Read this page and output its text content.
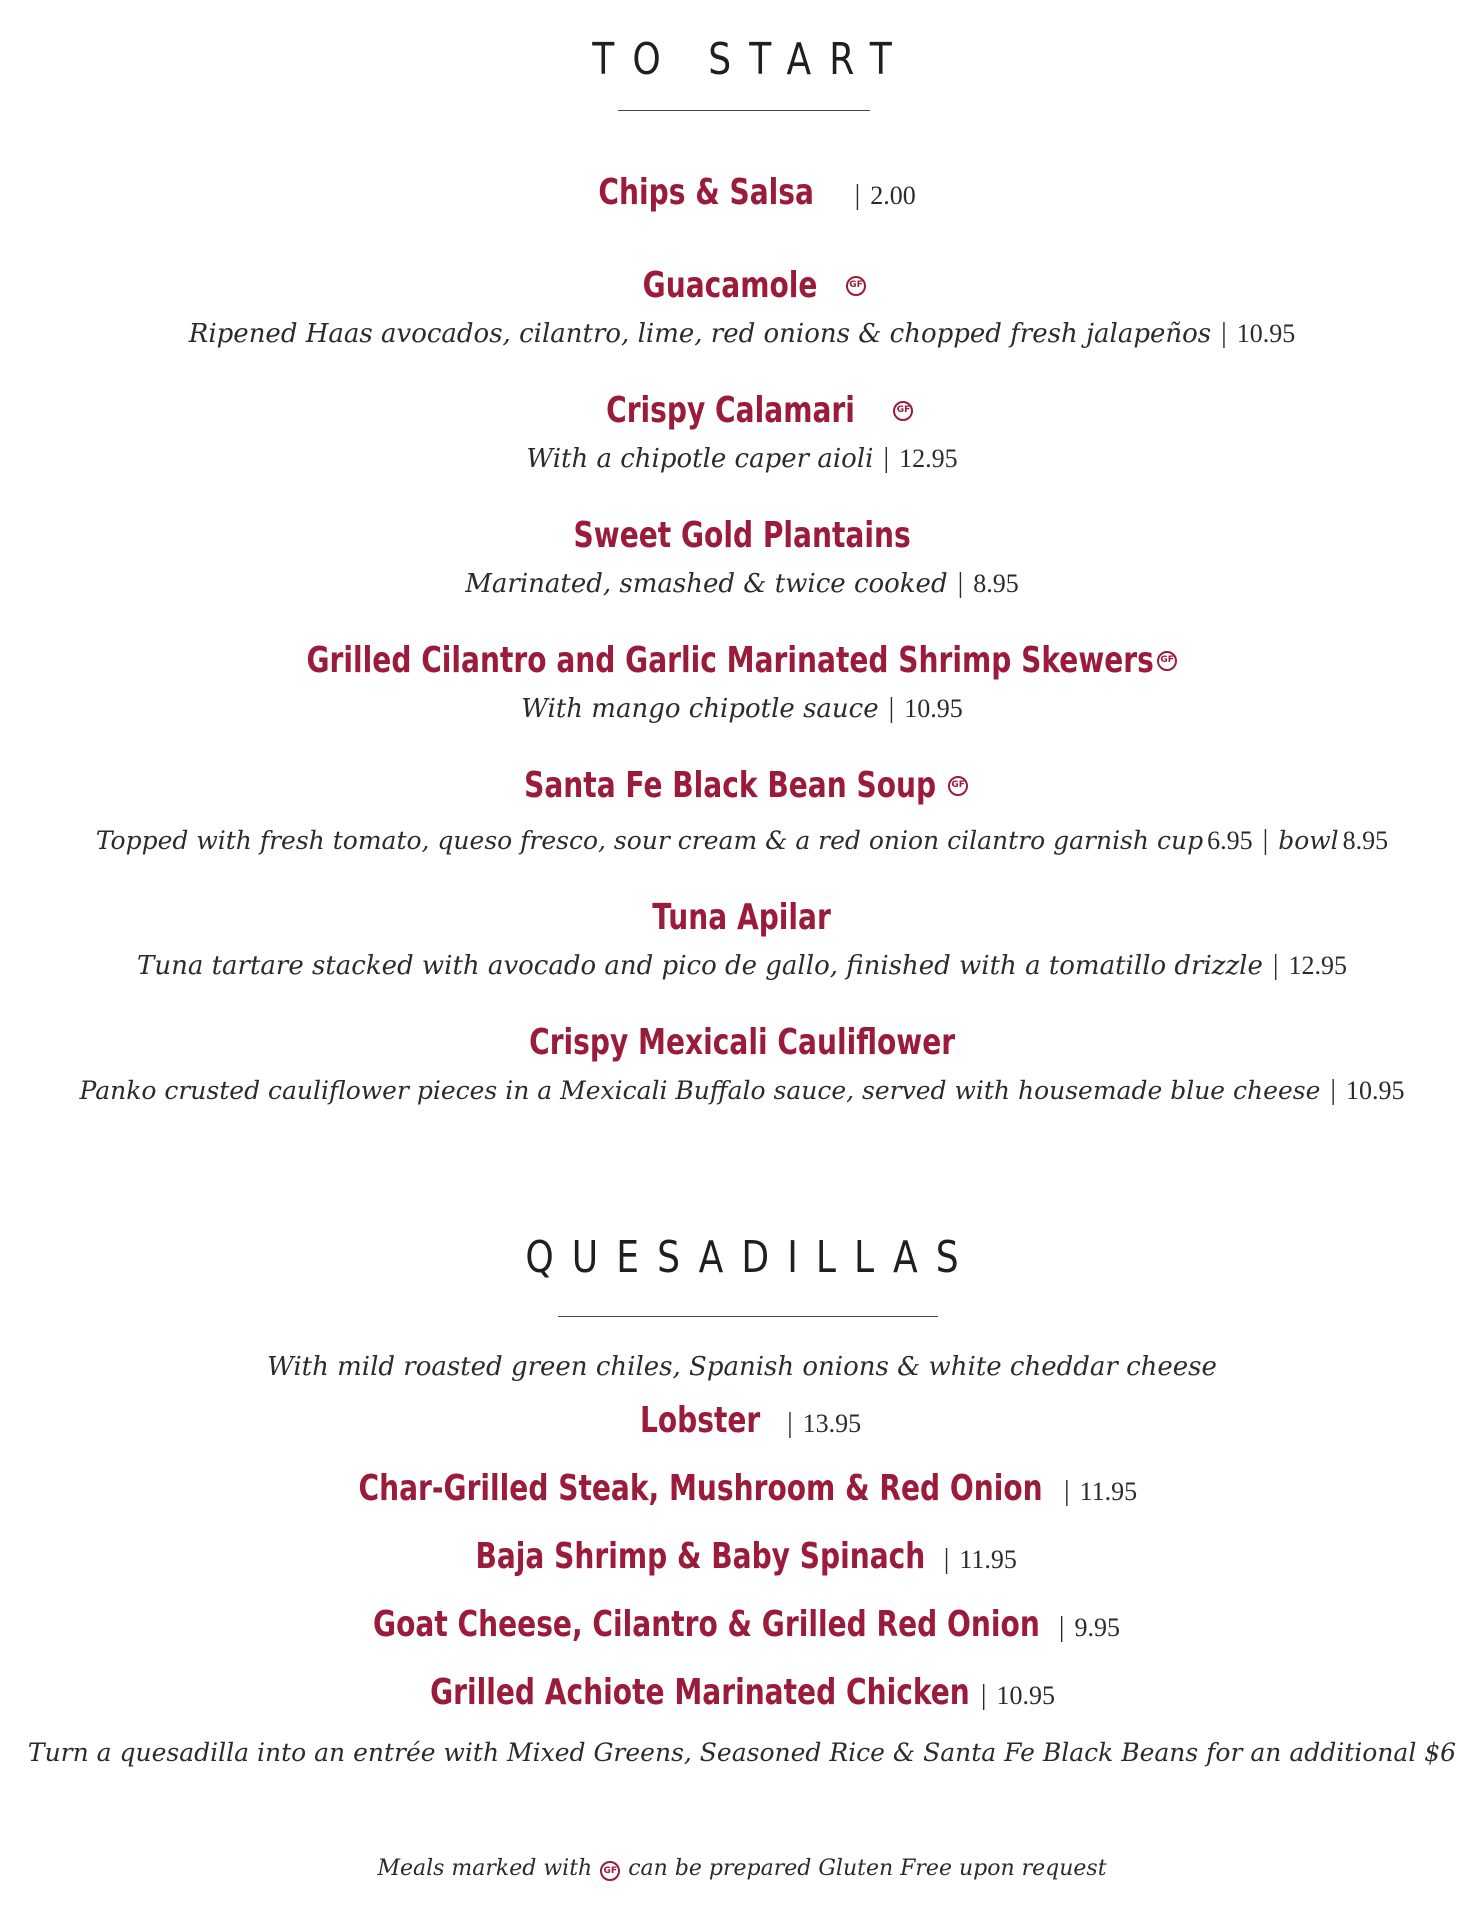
TO START
Chips & Salsa | 2.00
Guacamole	GF
Ripened Haas avocados, cilantro, lime, red onions & chopped fresh jalapeños | 10.95
Crispy Calamari	GF
With a chipotle caper aioli | 12.95
Sweet Gold Plantains
Marinated, smashed & twice cooked | 8.95
Grilled Cilantro and Garlic Marinated Shrimp Skewers GF
With mango chipotle sauce | 10.95
Santa Fe Black Bean Soup	GF
Topped with fresh tomato, queso fresco, sour cream & a red onion cilantro garnish cup 6.95 | bowl 8.95
Tuna Apilar
Tuna tartare stacked with avocado and pico de gallo, finished with a tomatillo drizzle | 12.95
Crispy Mexicali Cauliflower
Panko crusted cauliflower pieces in a Mexicali Buffalo sauce, served with housemade blue cheese | 10.95
QUESADILLAS
With mild roasted green chiles, Spanish onions & white cheddar cheese
Lobster | 13.95
Char-Grilled Steak, Mushroom & Red Onion | 11.95
Baja Shrimp & Baby Spinach | 11.95
Goat Cheese, Cilantro & Grilled Red Onion | 9.95
Grilled Achiote Marinated Chicken | 10.95
Turn a quesadilla into an entrée with Mixed Greens, Seasoned Rice & Santa Fe Black Beans for an additional $6
Meals marked with GF can be prepared Gluten Free upon request
